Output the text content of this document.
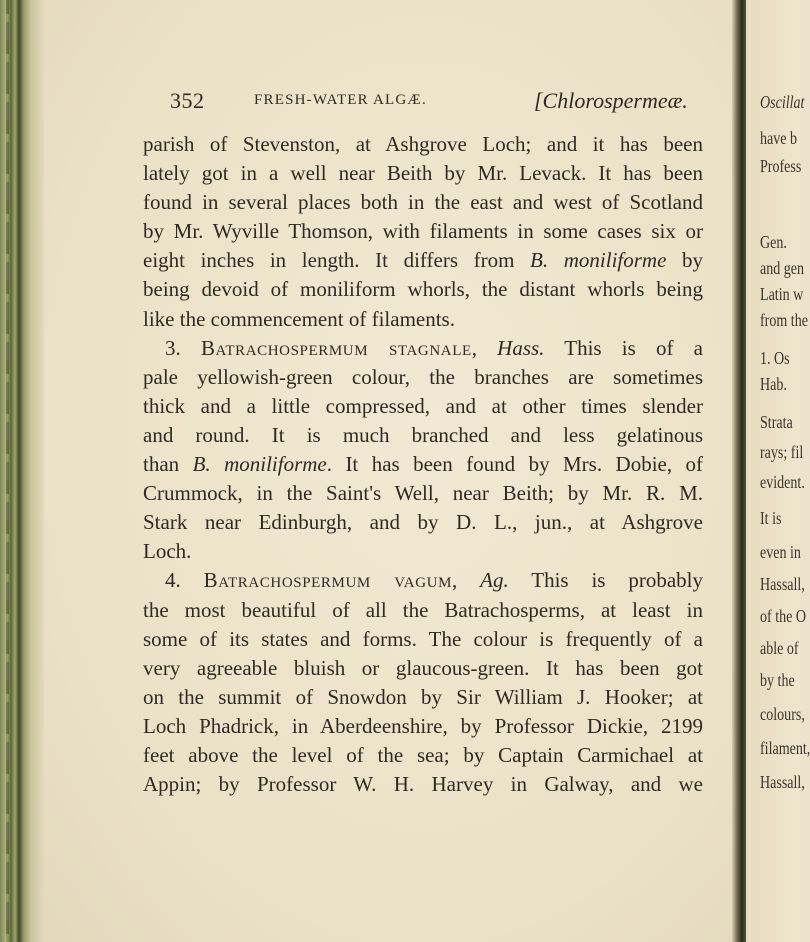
Oscillat
have b
Profess
Gen.
and gen
Latin w
from the
1. Os
Hab.
Strata
rays; fil
evident.
It is
even in
Hassall,
of the O
able of
by the
colours,
filament,
Hassall,
352	FRESH-WATER ALGÆ.	[Chlorospermeæ.
parish of Stevenston, at Ashgrove Loch; and it has been
lately got in a well near Beith by Mr. Levack. It has been
found in several places both in the east and west of Scotland
by Mr. Wyville Thomson, with filaments in some cases six or
eight inches in length. It differs from B. moniliforme by
being devoid of moniliform whorls, the distant whorls being
like the commencement of filaments.
3. Batrachospermum stagnale, Hass. This is of a
pale yellowish-green colour, the branches are sometimes
thick and a little compressed, and at other times slender
and round. It is much branched and less gelatinous
than B. moniliforme. It has been found by Mrs. Dobie, of
Crummock, in the Saint's Well, near Beith; by Mr. R. M.
Stark near Edinburgh, and by D. L., jun., at Ashgrove
Loch.
4. Batrachospermum vagum, Ag. This is probably
the most beautiful of all the Batrachosperms, at least in
some of its states and forms. The colour is frequently of a
very agreeable bluish or glaucous-green. It has been got
on the summit of Snowdon by Sir William J. Hooker; at
Loch Phadrick, in Aberdeenshire, by Professor Dickie, 2199
feet above the level of the sea; by Captain Carmichael at
Appin; by Professor W. H. Harvey in Galway, and we
